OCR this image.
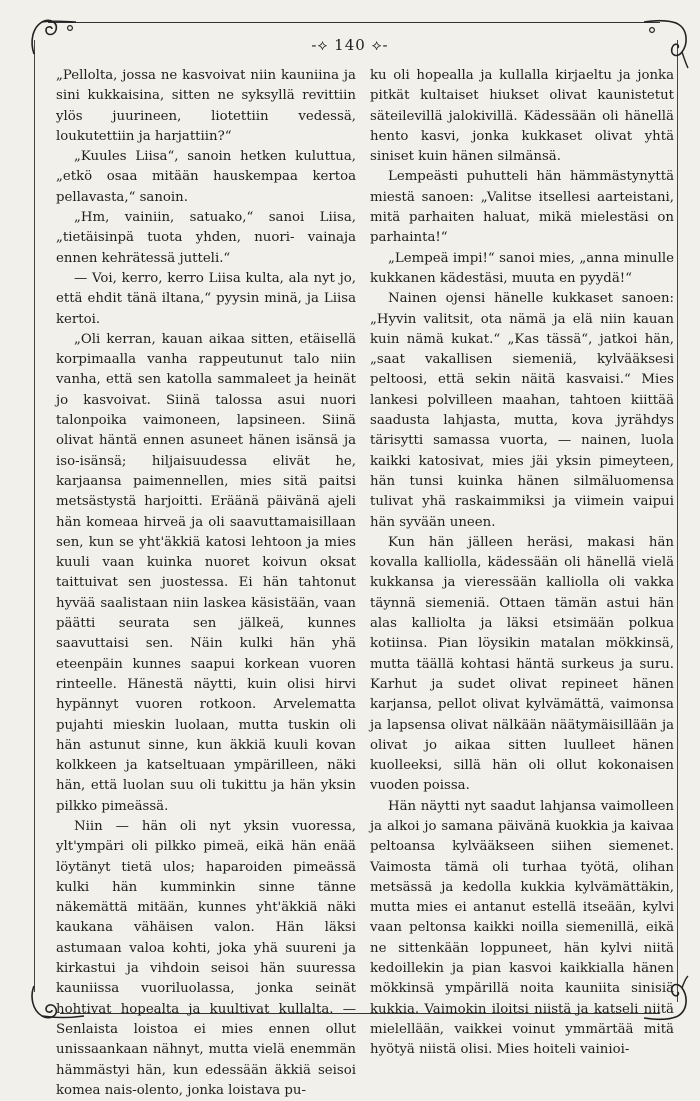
-⟡ 140 ⟡-

„Pellolta, jossa ne kasvoivat niin kauniina ja sini kukkaisina, sitten ne syksyllä revittiin ylös juurineen, liotettiin vedessä, loukutettiin ja harjattiin?“

„Kuules Liisa“, sanoin hetken kuluttua, „etkö osaa mitään hauskempaa kertoa pellavasta,“ sanoin.

„Hm, vainiin, satuako,“ sanoi Liisa, „tietäisinpä tuota yhden, nuori- vainaja ennen kehrätessä jutteli.“

— Voi, kerro, kerro Liisa kulta, ala nyt jo, että ehdit tänä iltana,“ pyysin minä, ja Liisa kertoi.

„Oli kerran, kauan aikaa sitten, etäisellä korpimaalla vanha rappeutunut talo niin vanha, että sen katolla sammaleet ja heinät jo kasvoivat. Siinä talossa asui nuori talonpoika vaimoneen, lapsineen. Siinä olivat häntä ennen asuneet hänen isänsä ja iso-isänsä; hiljaisuudessa elivät he, karjaansa paimennellen, mies sitä paitsi metsästystä harjoitti. Eräänä päivänä ajeli hän komeaa hirveä ja oli saavuttamaisillaan sen, kun se yht'äkkiä katosi lehtoon ja mies kuuli vaan kuinka nuoret koivun oksat taittuivat sen juostessa. Ei hän tahtonut hyvää saalistaan niin laskea käsistään, vaan päätti seurata sen jälkeä, kunnes saavuttaisi sen. Näin kulki hän yhä eteenpäin kunnes saapui korkean vuoren rinteelle. Hänestä näytti, kuin olisi hirvi hypännyt vuoren rotkoon. Arvelematta pujahti mieskin luolaan, mutta tuskin oli hän astunut sinne, kun äkkiä kuuli kovan kolkkeen ja katseltuaan ympärilleen, näki hän, että luolan suu oli tukittu ja hän yksin pilkko pimeässä.

Niin — hän oli nyt yksin vuoressa, ylt'ympäri oli pilkko pimeä, eikä hän enää löytänyt tietä ulos; haparoiden pimeässä kulki hän kumminkin sinne tänne näkemättä mitään, kunnes yht'äkkiä näki kaukana vähäisen valon. Hän läksi astumaan valoa kohti, joka yhä suureni ja kirkastui ja vihdoin seisoi hän suuressa kauniissa vuoriluolassa, jonka seinät hohtivat hopealta ja kuultivat kullalta. — Senlaista loistoa ei mies ennen ollut unissaankaan nähnyt, mutta vielä enemmän hämmästyi hän, kun edessään äkkiä seisoi komea nais-olento, jonka loistava pu-

ku oli hopealla ja kullalla kirjaeltu ja jonka pitkät kultaiset hiukset olivat kaunistetut säteilevillä jalokivillä. Kädessään oli hänellä hento kasvi, jonka kukkaset olivat yhtä siniset kuin hänen silmänsä.

Lempeästi puhutteli hän hämmästynyttä miestä sanoen: „Valitse itsellesi aarteistani, mitä parhaiten haluat, mikä mielestäsi on parhainta!“

„Lempeä impi!“ sanoi mies, „anna minulle kukkanen kädestäsi, muuta en pyydä!“

Nainen ojensi hänelle kukkaset sanoen: „Hyvin valitsit, ota nämä ja elä niin kauan kuin nämä kukat.“ „Kas tässä“, jatkoi hän, „saat vakallisen siemeniä, kylvääksesi peltoosi, että sekin näitä kasvaisi.“ Mies lankesi polvilleen maahan, tahtoen kiittää saadusta lahjasta, mutta, kova jyrähdys tärisytti samassa vuorta, — nainen, luola kaikki katosivat, mies jäi yksin pimeyteen, hän tunsi kuinka hänen silmäluomensa tulivat yhä raskaimmiksi ja viimein vaipui hän syvään uneen.

Kun hän jälleen heräsi, makasi hän kovalla kalliolla, kädessään oli hänellä vielä kukkansa ja vieressään kalliolla oli vakka täynnä siemeniä. Ottaen tämän astui hän alas kalliolta ja läksi etsimään polkua kotiinsa. Pian löysikin matalan mökkinsä, mutta täällä kohtasi häntä surkeus ja suru. Karhut ja sudet olivat repineet hänen karjansa, pellot olivat kylvämättä, vaimonsa ja lapsensa olivat nälkään näätymäisillään ja olivat jo aikaa sitten luulleet hänen kuolleeksi, sillä hän oli ollut kokonaisen vuoden poissa.

Hän näytti nyt saadut lahjansa vaimolleen ja alkoi jo samana päivänä kuokkia ja kaivaa peltoansa kylvääkseen siihen siemenet. Vaimosta tämä oli turhaa työtä, olihan metsässä ja kedolla kukkia kylvämättäkin, mutta mies ei antanut estellä itseään, kylvi vaan peltonsa kaikki noilla siemenillä, eikä ne sittenkään loppuneet, hän kylvi niitä kedoillekin ja pian kasvoi kaikkialla hänen mökkinsä ympärillä noita kauniita sinisiä kukkia. Vaimokin iloitsi niistä ja katseli niitä mielellään, vaikkei voinut ymmärtää mitä hyötyä niistä olisi. Mies hoiteli vainioi-
